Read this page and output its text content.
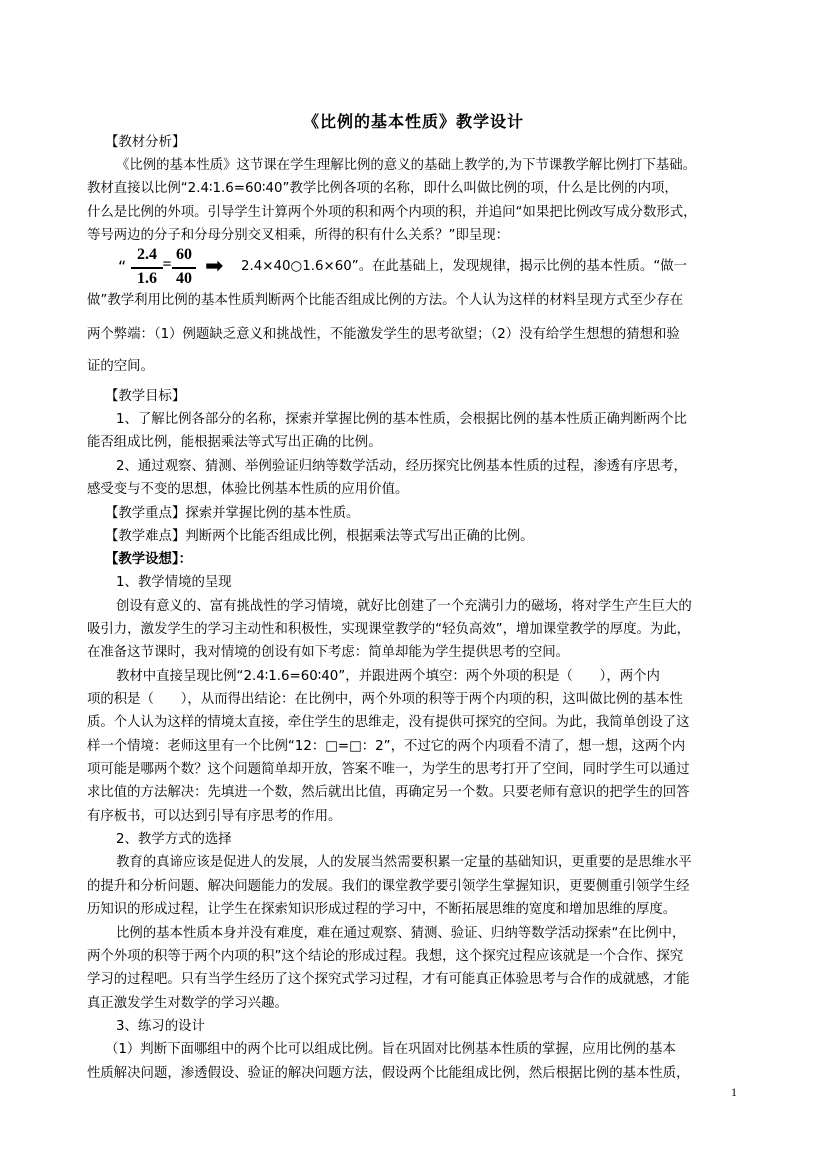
《比例的基本性质》教学设计
【教材分析】
《比例的基本性质》这节课在学生理解比例的意义的基础上教学的,为下节课教学解比例打下基础。
教材直接以比例“2.4∶1.6=60∶40”教学比例各项的名称，即什么叫做比例的项，什么是比例的内项，
什么是比例的外项。引导学生计算两个外项的积和两个内项的积，并追问“如果把比例改写成分数形式，
等号两边的分子和分母分别交叉相乘，所得的积有什么关系？”即呈现：
“
2.4
1.6
=
60
40 ➡ 2.4×40○1.6×60”。在此基础上，发现规律，揭示比例的基本性质。“做一
做”教学利用比例的基本性质判断两个比能否组成比例的方法。个人认为这样的材料呈现方式至少存在
两个弊端：（1）例题缺乏意义和挑战性，不能激发学生的思考欲望；（2）没有给学生想想的猜想和验
证的空间。
【教学目标】
1、了解比例各部分的名称，探索并掌握比例的基本性质，会根据比例的基本性质正确判断两个比
能否组成比例，能根据乘法等式写出正确的比例。
2、通过观察、猜测、举例验证归纳等数学活动，经历探究比例基本性质的过程，渗透有序思考，
感受变与不变的思想，体验比例基本性质的应用价值。
【教学重点】探索并掌握比例的基本性质。
【教学难点】判断两个比能否组成比例，根据乘法等式写出正确的比例。
【教学设想】：
1、教学情境的呈现
创设有意义的、富有挑战性的学习情境，就好比创建了一个充满引力的磁场，将对学生产生巨大的
吸引力，激发学生的学习主动性和积极性，实现课堂教学的“轻负高效”，增加课堂教学的厚度。为此，
在准备这节课时，我对情境的创设有如下考虑：简单却能为学生提供思考的空间。
教材中直接呈现比例“2.4∶1.6=60∶40”，并跟进两个填空：两个外项的积是（　　），两个内
项的积是（　　），从而得出结论：在比例中，两个外项的积等于两个内项的积，这叫做比例的基本性
质。个人认为这样的情境太直接，牵住学生的思维走，没有提供可探究的空间。为此，我简单创设了这
样一个情境：老师这里有一个比例“12：□=□：2”，不过它的两个内项看不清了，想一想，这两个内
项可能是哪两个数？这个问题简单却开放，答案不唯一，为学生的思考打开了空间，同时学生可以通过
求比值的方法解决：先填进一个数，然后就出比值，再确定另一个数。只要老师有意识的把学生的回答
有序板书，可以达到引导有序思考的作用。
2、教学方式的选择
教育的真谛应该是促进人的发展，人的发展当然需要积累一定量的基础知识，更重要的是思维水平
的提升和分析问题、解决问题能力的发展。我们的课堂教学要引领学生掌握知识，更要侧重引领学生经
历知识的形成过程，让学生在探索知识形成过程的学习中，不断拓展思维的宽度和增加思维的厚度。
比例的基本性质本身并没有难度，难在通过观察、猜测、验证、归纳等数学活动探索“在比例中，
两个外项的积等于两个内项的积”这个结论的形成过程。我想，这个探究过程应该就是一个合作、探究
学习的过程吧。只有当学生经历了这个探究式学习过程，才有可能真正体验思考与合作的成就感，才能
真正激发学生对数学的学习兴趣。
3、练习的设计
（1）判断下面哪组中的两个比可以组成比例。旨在巩固对比例基本性质的掌握，应用比例的基本
性质解决问题，渗透假设、验证的解决问题方法，假设两个比能组成比例，然后根据比例的基本性质，
1
